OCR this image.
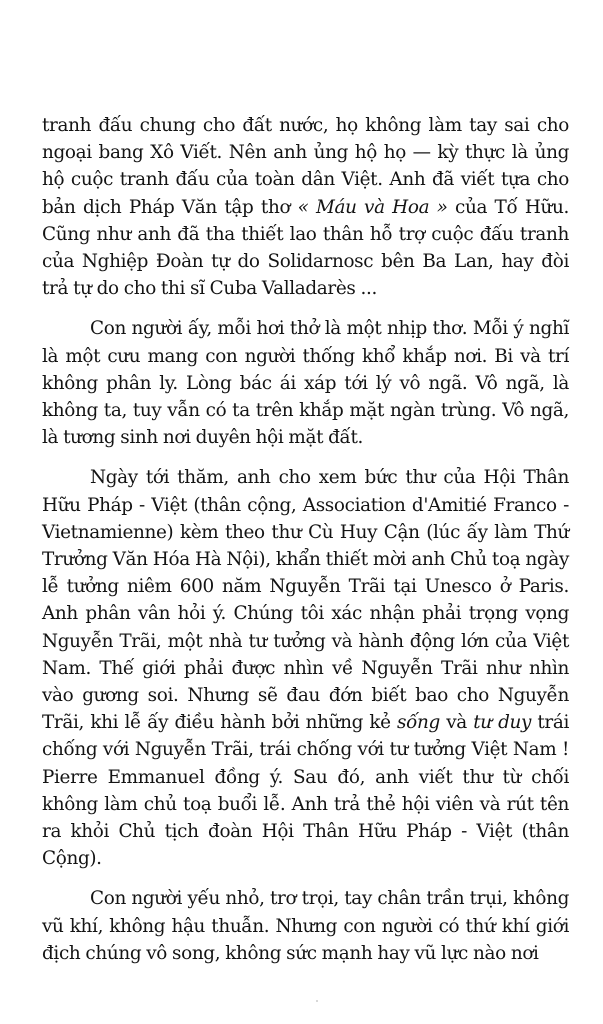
tranh đấu chung cho đất nước, họ không làm tay sai cho ngoại bang Xô Viết. Nên anh ủng hộ họ — kỳ thực là ủng hộ cuộc tranh đấu của toàn dân Việt. Anh đã viết tựa cho bản dịch Pháp Văn tập thơ « Máu và Hoa » của Tố Hữu. Cũng như anh đã tha thiết lao thân hỗ trợ cuộc đấu tranh của Nghiệp Đoàn tự do Solidarnosc bên Ba Lan, hay đòi trả tự do cho thi sĩ Cuba Valladarès ...

Con người ấy, mỗi hơi thở là một nhịp thơ. Mỗi ý nghĩ là một cưu mang con người thống khổ khắp nơi. Bi và trí không phân ly. Lòng bác ái xáp tới lý vô ngã. Vô ngã, là không ta, tuy vẫn có ta trên khắp mặt ngàn trùng. Vô ngã, là tương sinh nơi duyên hội mặt đất.

Ngày tới thăm, anh cho xem bức thư của Hội Thân Hữu Pháp - Việt (thân cộng, Association d'Amitié Franco - Vietnamienne) kèm theo thư Cù Huy Cận (lúc ấy làm Thứ Trưởng Văn Hóa Hà Nội), khẩn thiết mời anh Chủ toạ ngày lễ tưởng niêm 600 năm Nguyễn Trãi tại Unesco ở Paris. Anh phân vân hỏi ý. Chúng tôi xác nhận phải trọng vọng Nguyễn Trãi, một nhà tư tưởng và hành động lớn của Việt Nam. Thế giới phải được nhìn về Nguyễn Trãi như nhìn vào gương soi. Nhưng sẽ đau đớn biết bao cho Nguyễn Trãi, khi lễ ấy điều hành bởi những kẻ sống và tư duy trái chống với Nguyễn Trãi, trái chống với tư tưởng Việt Nam ! Pierre Emmanuel đồng ý. Sau đó, anh viết thư từ chối không làm chủ toạ buổi lễ. Anh trả thẻ hội viên và rút tên ra khỏi Chủ tịch đoàn Hội Thân Hữu Pháp - Việt (thân Cộng).

Con người yếu nhỏ, trơ trọi, tay chân trần trụi, không vũ khí, không hậu thuẫn. Nhưng con người có thứ khí giới địch chúng vô song, không sức mạnh hay vũ lực nào nơi
